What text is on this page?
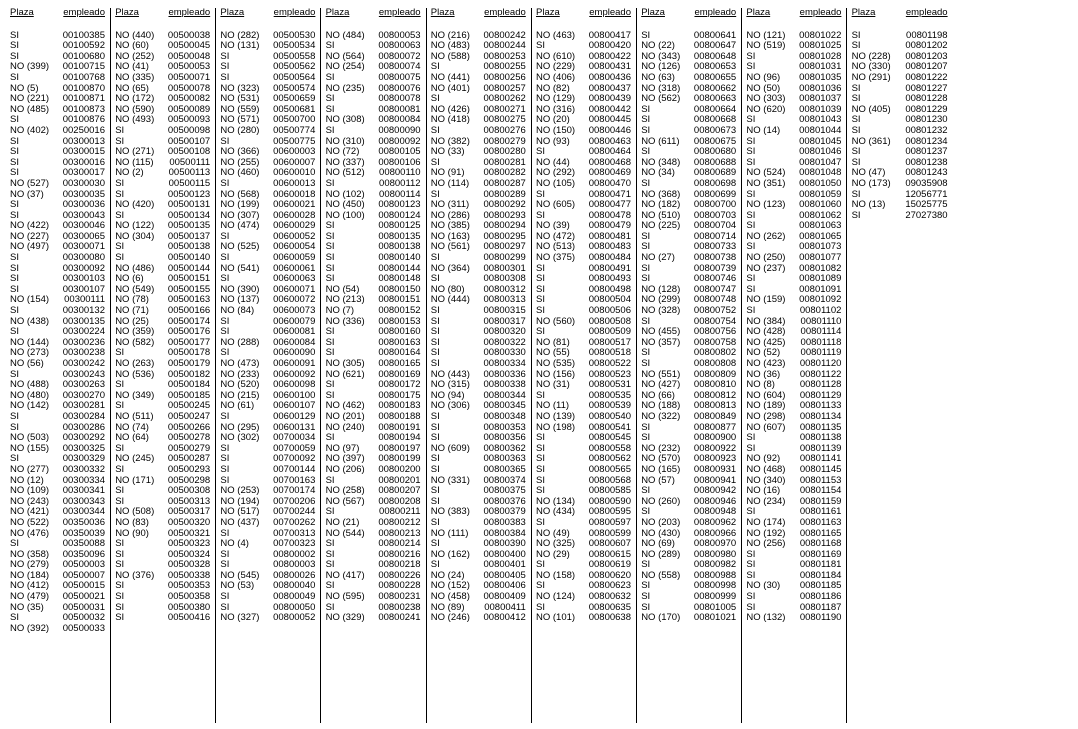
Plaza	empleado
SI	00100385
SI	00100592
SI	00100680
NO (399) 00100715
SI	00100768
NO (5)	00100870
NO (221) 00100871
NO (485) 00100873
SI	00100876
NO (402) 00250016
SI	00300013
SI	00300015
SI	00300016
SI	00300017
NO (527) 00300030
NO (37) 00300035
SI	00300036
SI	00300043
NO (422) 00300046
NO (227) 00300065
NO (497) 00300071
SI	00300080
SI	00300092
SI	00300103
SI	00300107
NO (154) 00300111
SI	00300132
NO (438) 00300135
SI	00300224
NO (144) 00300236
NO (273) 00300238
NO (56) 00300242
SI	00300243
NO (488) 00300263
NO (480) 00300270
NO (142) 00300281
SI	00300284
SI	00300286
NO (503) 00300292
NO (155) 00300325
SI	00300329
NO (277) 00300332
NO (12) 00300334
NO (109) 00300341
NO (243) 00300343
NO (421) 00300344
NO (522) 00350036
NO (476) 00350039
SI	00350088
NO (358) 00350096
NO (279) 00500003
NO (184) 00500007
NO (412) 00500015
NO (479) 00500021
NO (35) 00500031
SI	00500032
NO (392) 00500033
Plaza	empleado
NO (440) 00500038
NO (60) 00500045
NO (252) 00500048
NO (41) 00500053
NO (335) 00500071
NO (65) 00500078
NO (172) 00500082
NO (590) 00500089
NO (493) 00500093
SI	00500098
SI	00500107
NO (271) 00500108
NO (115) 00500111
NO (2)	00500113
SI	00500115
SI	00500123
NO (420) 00500131
SI	00500134
NO (122) 00500135
NO (304) 00500137
SI	00500138
SI	00500140
NO (486) 00500144
NO (6)	00500151
NO (549) 00500155
NO (78) 00500163
NO (71) 00500166
NO (25) 00500174
NO (359) 00500176
NO (582) 00500177
SI	00500178
NO (263) 00500179
NO (536) 00500182
SI	00500184
NO (349) 00500185
SI	00500245
NO (511) 00500247
NO (74) 00500266
NO (64) 00500278
SI	00500279
NO (245) 00500287
SI	00500293
NO (171) 00500298
SI	00500308
SI	00500313
NO (508) 00500317
NO (83) 00500320
NO (90) 00500321
SI	00500323
SI	00500324
SI	00500328
NO (376) 00500338
SI	00500353
SI	00500358
SI	00500380
SI	00500416
Plaza	empleado
NO (282) 00500530
NO (131) 00500534
SI	00500558
SI	00500562
SI	00500564
NO (323) 00500574
NO (531) 00500659
NO (559) 00500681
NO (571) 00500700
NO (280) 00500774
SI	00500775
NO (366) 00600003
NO (255) 00600007
NO (460) 00600010
SI	00600013
NO (568) 00600018
NO (199) 00600021
NO (307) 00600028
NO (474) 00600029
SI	00600052
NO (525) 00600054
SI	00600059
NO (541) 00600061
SI	00600063
NO (390) 00600071
NO (137) 00600072
NO (84) 00600073
SI	00600079
SI	00600081
NO (288) 00600084
SI	00600090
NO (473) 00600091
NO (233) 00600092
NO (520) 00600098
NO (215) 00600100
NO (61) 00600107
SI	00600129
NO (295) 00600131
NO (302) 00700034
SI	00700059
SI	00700092
SI	00700144
SI	00700163
NO (253) 00700174
NO (194) 00700206
NO (517) 00700244
NO (437) 00700262
SI	00700313
NO (4)	00700323
SI	00800002
SI	00800003
NO (545) 00800026
NO (53) 00800040
SI	00800049
SI	00800050
NO (327) 00800052
Plaza	empleado
NO (484) 00800053
SI	00800063
NO (564) 00800072
NO (254) 00800074
SI	00800075
NO (235) 00800076
SI	00800078
SI	00800081
NO (308) 00800084
SI	00800090
NO (310) 00800092
NO (72) 00800105
NO (337) 00800106
NO (512) 00800110
SI	00800112
NO (102) 00800114
NO (450) 00800123
NO (100) 00800124
SI	00800125
SI	00800135
SI	00800138
SI	00800140
SI	00800144
SI	00800148
NO (54) 00800150
NO (213) 00800151
NO (7)	00800152
NO (336) 00800153
SI	00800160
SI	00800163
SI	00800164
NO (305) 00800165
NO (621) 00800169
SI	00800172
SI	00800175
NO (462) 00800183
NO (201) 00800188
NO (240) 00800191
SI	00800194
NO (97) 00800197
NO (397) 00800199
NO (206) 00800200
SI	00800201
NO (258) 00800207
NO (567) 00800208
SI	00800211
NO (21) 00800212
NO (544) 00800213
SI	00800214
SI	00800216
SI	00800218
NO (417) 00800226
SI	00800228
NO (595) 00800231
SI	00800238
NO (329) 00800241
Plaza	empleado
NO (216) 00800242
NO (483) 00800244
NO (588) 00800253
SI	00800255
NO (441) 00800256
NO (401) 00800257
SI	00800262
NO (426) 00800271
NO (418) 00800275
SI	00800276
NO (382) 00800279
NO (33) 00800280
SI	00800281
NO (91) 00800282
NO (114) 00800287
SI	00800289
NO (311) 00800292
NO (286) 00800293
NO (385) 00800294
NO (163) 00800295
NO (561) 00800297
SI	00800299
NO (364) 00800301
SI	00800308
NO (80) 00800312
NO (444) 00800313
SI	00800315
SI	00800317
SI	00800320
SI	00800322
SI	00800330
SI	00800334
NO (443) 00800336
NO (315) 00800338
NO (94) 00800344
NO (306) 00800345
SI	00800348
SI	00800353
SI	00800356
NO (609) 00800362
SI	00800363
SI	00800365
NO (331) 00800374
SI	00800375
SI	00800376
NO (383) 00800379
SI	00800383
NO (111) 00800384
SI	00800390
NO (162) 00800400
SI	00800401
NO (24) 00800405
NO (152) 00800406
NO (458) 00800409
NO (89) 00800411
NO (246) 00800412
Plaza	empleado
NO (463) 00800417
SI	00800420
NO (610) 00800422
NO (229) 00800431
NO (406) 00800436
NO (82) 00800437
NO (129) 00800439
NO (316) 00800442
NO (20) 00800445
NO (150) 00800446
NO (93) 00800463
SI	00800464
NO (44) 00800468
NO (292) 00800469
NO (105) 00800470
SI	00800471
NO (605) 00800477
SI	00800478
NO (39) 00800479
NO (472) 00800481
NO (513) 00800483
NO (375) 00800484
SI	00800491
SI	00800493
SI	00800498
SI	00800504
SI	00800506
NO (560) 00800508
SI	00800509
NO (81) 00800517
NO (55) 00800518
NO (535) 00800522
NO (156) 00800523
NO (31) 00800531
SI	00800535
NO (11) 00800539
NO (139) 00800540
NO (198) 00800541
SI	00800545
SI	00800558
SI	00800562
SI	00800565
SI	00800568
SI	00800585
NO (134) 00800590
NO (434) 00800595
SI	00800597
NO (49) 00800599
NO (325) 00800607
NO (29) 00800615
SI	00800619
NO (158) 00800620
SI	00800623
NO (124) 00800632
SI	00800635
NO (101) 00800638
Plaza	empleado
SI	00800641
NO (22) 00800647
NO (343) 00800648
NO (126) 00800653
NO (63) 00800655
NO (318) 00800662
NO (562) 00800663
SI	00800664
SI	00800668
SI	00800673
NO (611) 00800675
SI	00800680
NO (348) 00800688
NO (34) 00800689
SI	00800698
NO (368) 00800699
NO (182) 00800700
NO (510) 00800703
NO (225) 00800704
SI	00800714
SI	00800733
NO (27) 00800738
SI	00800739
SI	00800746
NO (128) 00800747
NO (299) 00800748
NO (328) 00800752
SI	00800754
NO (455) 00800756
NO (357) 00800758
SI	00800802
SI	00800808
NO (551) 00800809
NO (427) 00800810
NO (66) 00800812
NO (188) 00800813
NO (322) 00800849
SI	00800877
SI	00800900
NO (232) 00800922
NO (570) 00800923
NO (165) 00800931
NO (57) 00800941
SI	00800942
NO (260) 00800946
SI	00800948
NO (203) 00800962
NO (430) 00800966
NO (69) 00800970
NO (289) 00800980
SI	00800982
NO (558) 00800988
SI	00800998
SI	00800999
SI	00801005
NO (170) 00801021
Plaza	empleado
NO (121) 00801022
NO (519) 00801025
SI	00801028
SI	00801031
NO (96) 00801035
NO (50) 00801036
NO (303) 00801037
NO (620) 00801039
SI	00801043
NO (14) 00801044
SI	00801045
SI	00801046
SI	00801047
NO (524) 00801048
NO (351) 00801050
SI	00801059
NO (123) 00801060
SI	00801062
SI	00801063
NO (262) 00801065
SI	00801073
NO (250) 00801077
NO (237) 00801082
SI	00801089
SI	00801091
NO (159) 00801092
SI	00801102
NO (384) 00801110
NO (428) 00801114
NO (425) 00801118
NO (52) 00801119
NO (423) 00801120
NO (36) 00801122
NO (8)	00801128
NO (604) 00801129
NO (189) 00801133
NO (298) 00801134
NO (607) 00801135
SI	00801138
SI	00801139
NO (92) 00801141
NO (468) 00801145
NO (340) 00801153
NO (16) 00801154
NO (234) 00801159
SI	00801161
NO (174) 00801163
NO (192) 00801165
NO (256) 00801168
SI	00801169
SI	00801181
SI	00801184
NO (30) 00801185
SI	00801186
SI	00801187
NO (132) 00801190
Plaza	empleado
SI	00801198
SI	00801202
NO (228) 00801203
NO (330) 00801207
NO (291) 00801222
SI	00801227
SI	00801228
NO (405) 00801229
SI	00801230
SI	00801232
NO (361) 00801234
SI	00801237
SI	00801238
NO (47) 00801243
NO (173) 09035908
SI	12056771
NO (13) 15025775
SI	27027380
